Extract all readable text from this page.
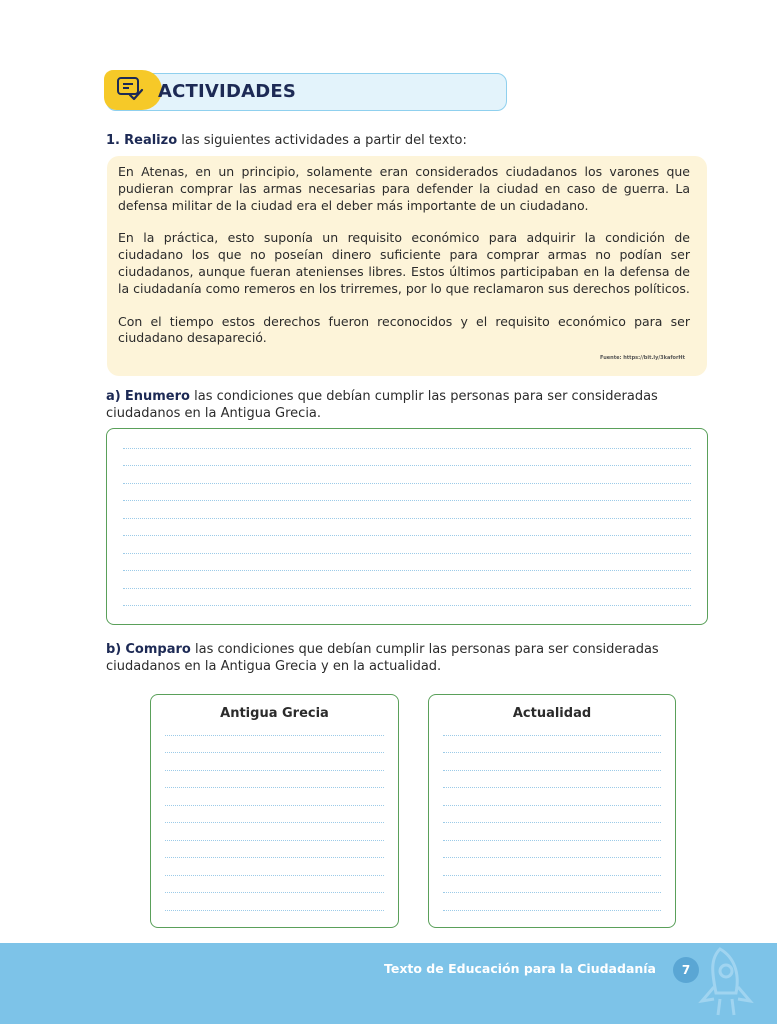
ACTIVIDADES
1. Realizo las siguientes actividades a partir del texto:

En Atenas, en un principio, solamente eran considerados ciudadanos los varones que pudieran comprar las armas necesarias para defender la ciudad en caso de guerra. La defensa militar de la ciudad era el deber más importante de un ciudadano.

En la práctica, esto suponía un requisito económico para adquirir la condición de ciudadano los que no poseían dinero suficiente para comprar armas no podían ser ciudadanos, aunque fueran atenienses libres. Estos últimos participaban en la defensa de la ciudadanía como remeros en los trirremes, por lo que reclamaron sus derechos políticos.

Con el tiempo estos derechos fueron reconocidos y el requisito económico para ser ciudadano desapareció.

Fuente: https://bit.ly/3kaforHt
a) Enumero las condiciones que debían cumplir las personas para ser consideradas ciudadanos en la Antigua Grecia.
b) Comparo las condiciones que debían cumplir las personas para ser consideradas ciudadanos en la Antigua Grecia y en la actualidad.
Antigua Grecia	Actualidad
Texto de Educación para la Ciudadanía	7
